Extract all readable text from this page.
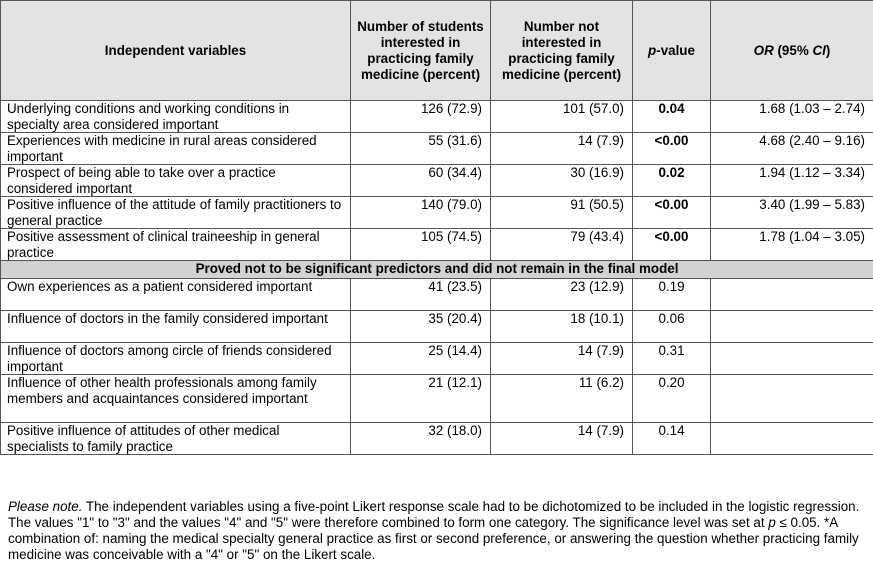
Independent variables	Number of students interested in practicing family medicine (percent)	Number not interested in practicing family medicine (percent)	p-value	OR (95% CI)
Underlying conditions and working conditions in specialty area considered important	126 (72.9)	101 (57.0)	0.04	1.68 (1.03 – 2.74)
Experiences with medicine in rural areas considered important	55 (31.6)	14 (7.9)	<0.00	4.68 (2.40 – 9.16)
Prospect of being able to take over a practice considered important	60 (34.4)	30 (16.9)	0.02	1.94 (1.12 – 3.34)
Positive influence of the attitude of family practitioners to general practice	140 (79.0)	91 (50.5)	<0.00	3.40 (1.99 – 5.83)
Positive assessment of clinical traineeship in general practice	105 (74.5)	79 (43.4)	<0.00	1.78 (1.04 – 3.05)
Proved not to be significant predictors and did not remain in the final model				
Own experiences as a patient considered important	41 (23.5)	23 (12.9)	0.19	
Influence of doctors in the family considered important	35 (20.4)	18 (10.1)	0.06	
Influence of doctors among circle of friends considered important	25 (14.4)	14 (7.9)	0.31	
Influence of other health professionals among family members and acquaintances considered important	21 (12.1)	11 (6.2)	0.20	
Positive influence of attitudes of other medical specialists to family practice	32 (18.0)	14 (7.9)	0.14	
Please note. The independent variables using a five-point Likert response scale had to be dichotomized to be included in the logistic regression. The values "1" to "3" and the values "4" and "5" were therefore combined to form one category. The significance level was set at p ≤ 0.05. *A combination of: naming the medical specialty general practice as first or second preference, or answering the question whether practicing family medicine was conceivable with a "4" or "5" on the Likert scale.
